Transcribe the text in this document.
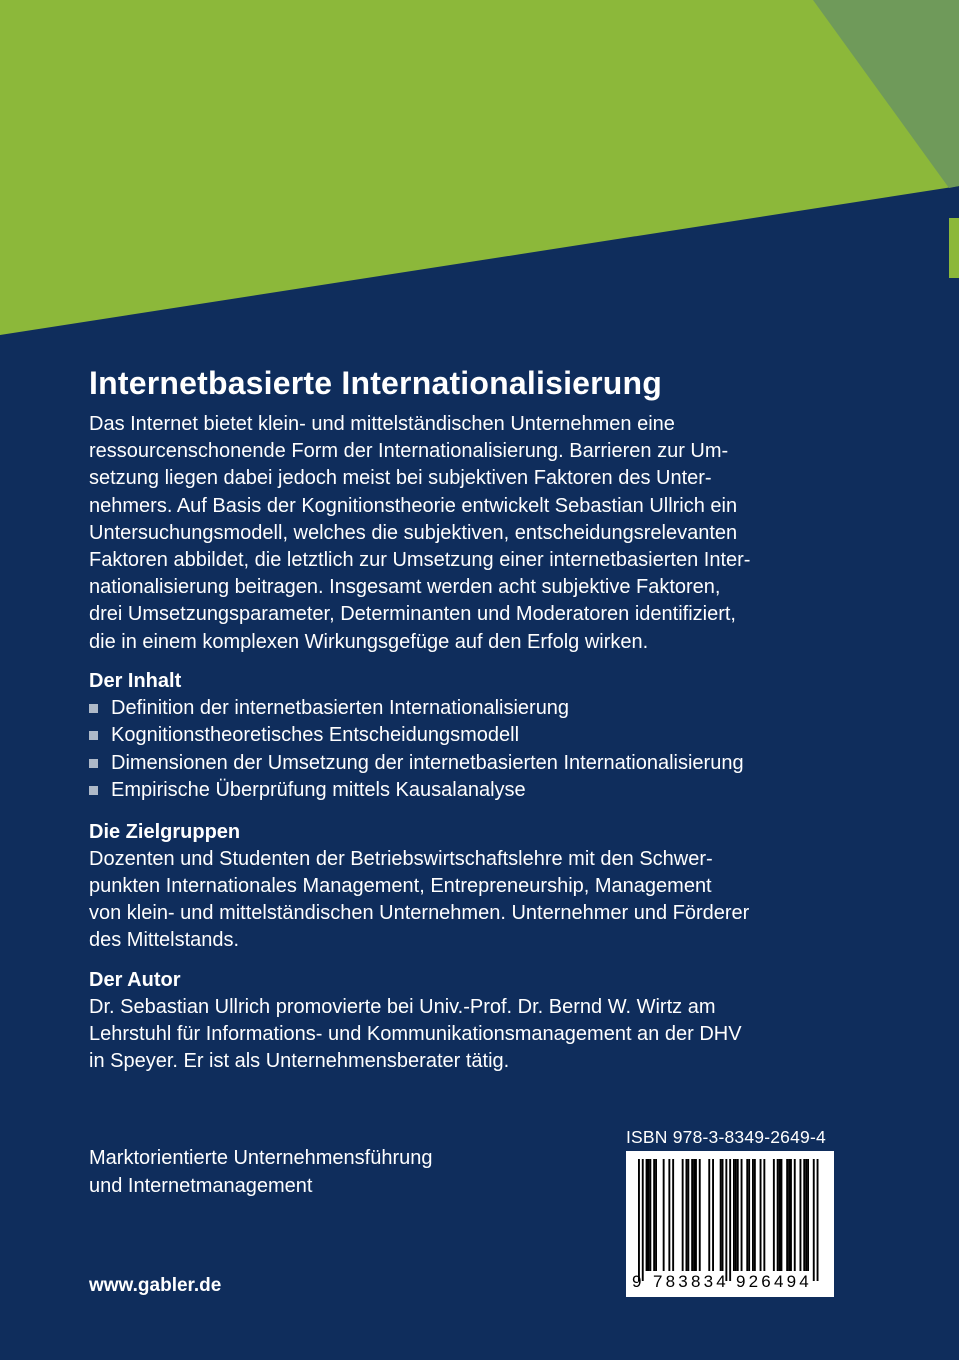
Internetbasierte Internationalisierung
Das Internet bietet klein- und mittelständischen Unternehmen eine
ressourcenschonende Form der Internationalisierung. Barrieren zur Um-
setzung liegen dabei jedoch meist bei subjektiven Faktoren des Unter-
nehmers. Auf Basis der Kognitionstheorie entwickelt Sebastian Ullrich ein
Untersuchungsmodell, welches die subjektiven, entscheidungsrelevanten
Faktoren abbildet, die letztlich zur Umsetzung einer internetbasierten Inter-
nationalisierung beitragen. Insgesamt werden acht subjektive Faktoren,
drei Umsetzungsparameter, Determinanten und Moderatoren identifiziert,
die in einem komplexen Wirkungsgefüge auf den Erfolg wirken.
Der Inhalt
Definition der internetbasierten Internationalisierung
Kognitionstheoretisches Entscheidungsmodell
Dimensionen der Umsetzung der internetbasierten Internationalisierung
Empirische Überprüfung mittels Kausalanalyse
Die Zielgruppen
Dozenten und Studenten der Betriebswirtschaftslehre mit den Schwer-
punkten Internationales Management, Entrepreneurship, Management
von klein- und mittelständischen Unternehmen. Unternehmer und Förderer
des Mittelstands.
Der Autor
Dr. Sebastian Ullrich promovierte bei Univ.-Prof. Dr. Bernd W. Wirtz am
Lehrstuhl für Informations- und Kommunikationsmanagement an der DHV
in Speyer. Er ist als Unternehmensberater tätig.
Marktorientierte Unternehmensführung
und Internetmanagement
www.gabler.de
ISBN 978-3-8349-2649-4
9 783834 926494
